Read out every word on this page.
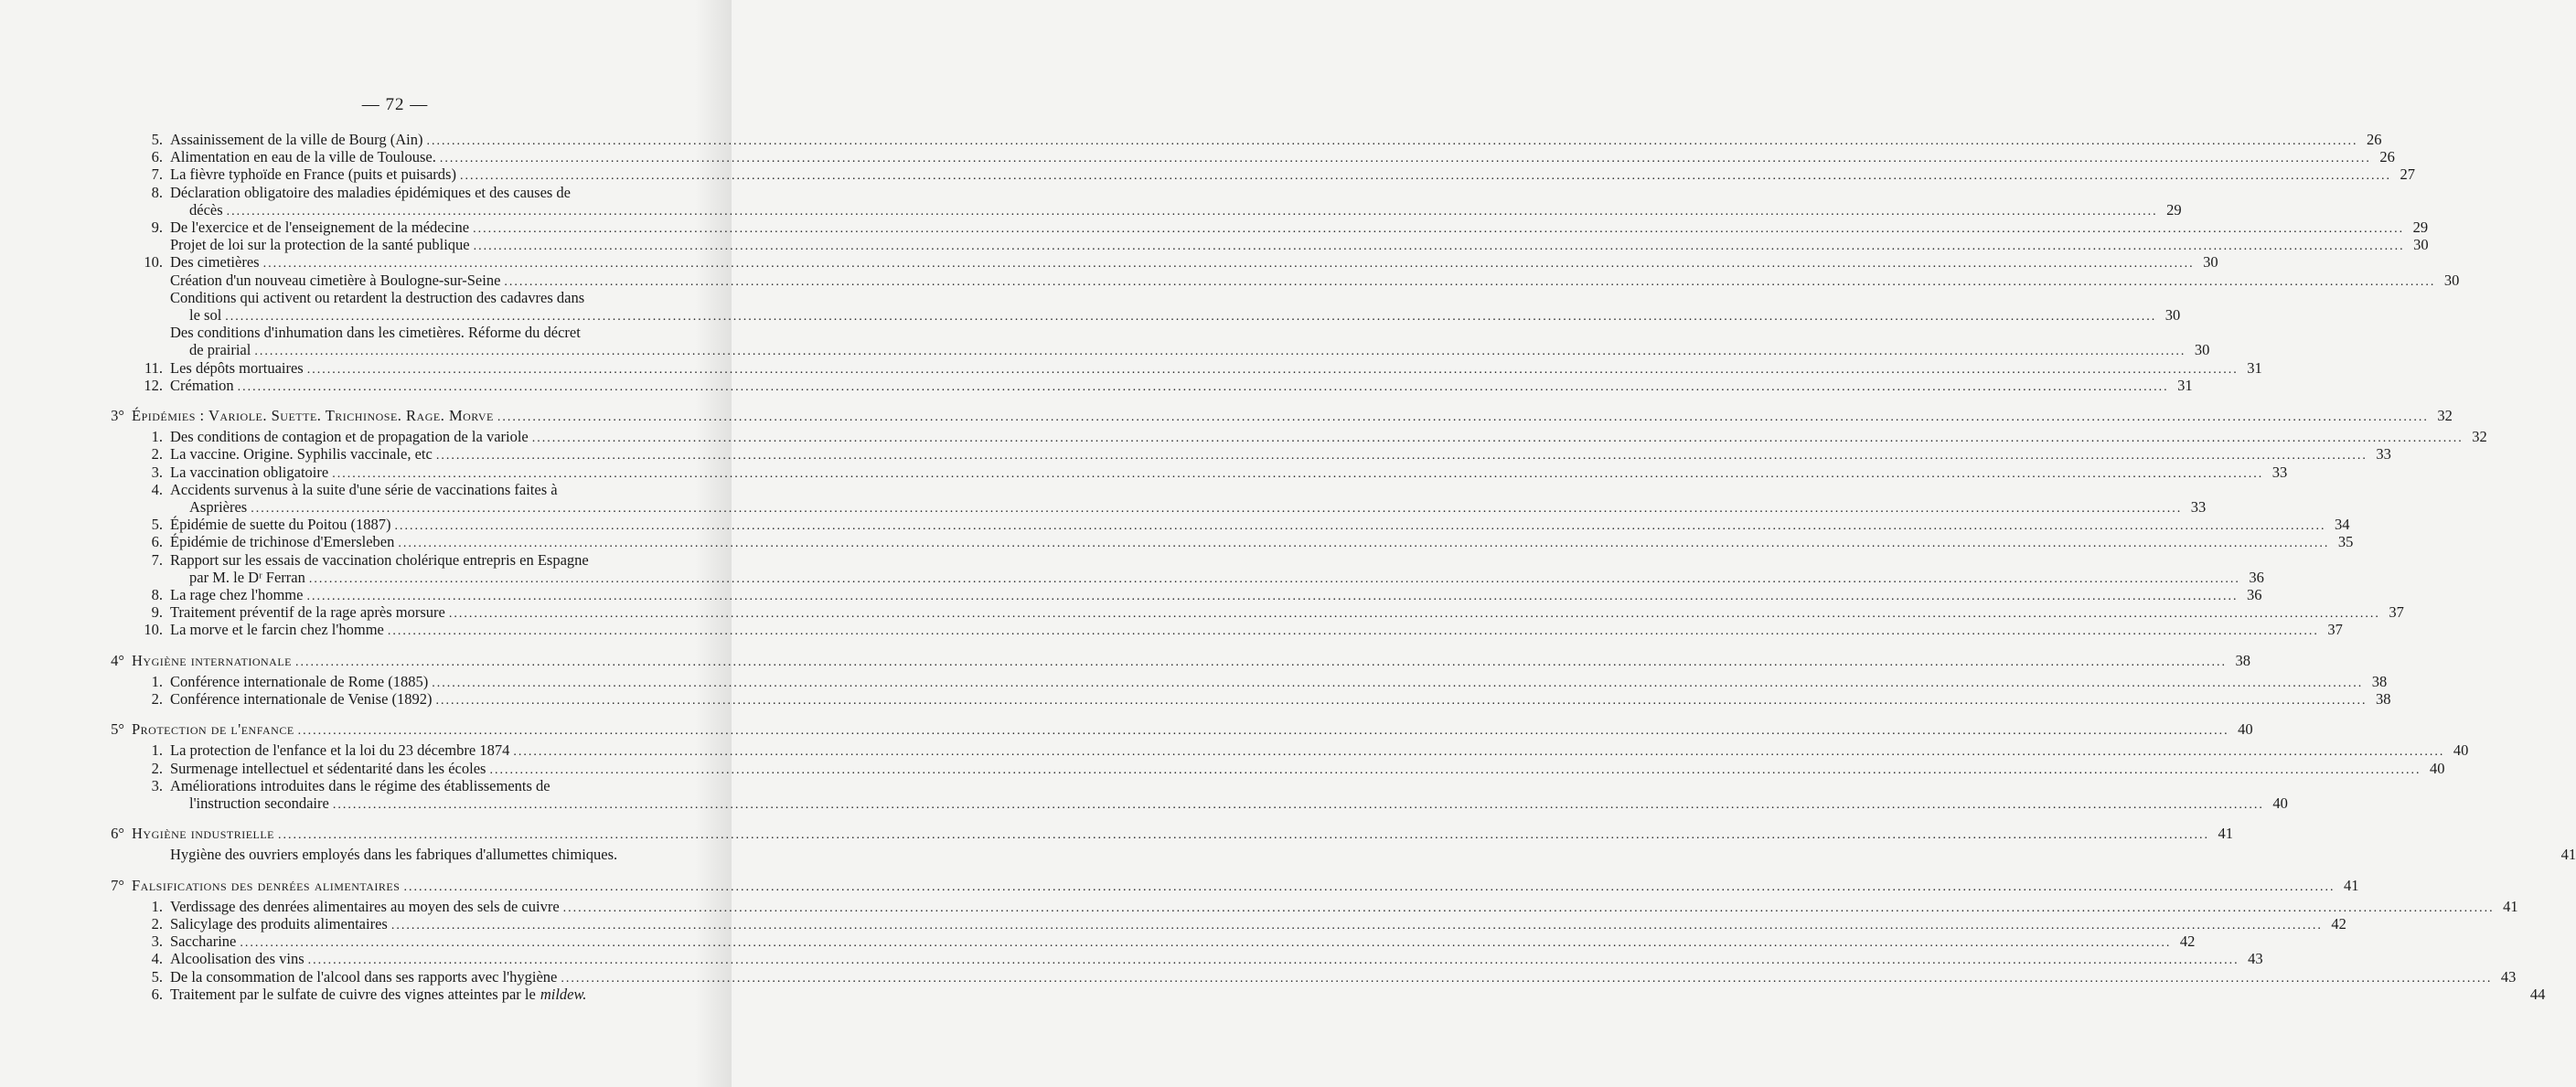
— 72 —
5. Assainissement de la ville de Bourg (Ain) .....	26
6. Alimentation en eau de la ville de Toulouse. .....	26
7. La fièvre typhoïde en France (puits et puisards) .....	27
8. Déclaration obligatoire des maladies épidémiques et des causes de
décès .....	29
9. De l'exercice et de l'enseignement de la médecine .....	29
Projet de loi sur la protection de la santé publique .....	30
10. Des cimetières .....	30
Création d'un nouveau cimetière à Boulogne-sur-Seine .....	30
Conditions qui activent ou retardent la destruction des cadavres dans
le sol .....	30
Des conditions d'inhumation dans les cimetières. Réforme du décret
de prairial .....	30
11. Les dépôts mortuaires .....	31
12. Crémation .....	31
3° Épidémies : Variole. Suette. Trichinose. Rage. Morve .....	32
1. Des conditions de contagion et de propagation de la variole .....	32
2. La vaccine. Origine. Syphilis vaccinale, etc .....	33
3. La vaccination obligatoire .....	33
4. Accidents survenus à la suite d'une série de vaccinations faites à
Asprières .....	33
5. Épidémie de suette du Poitou (1887) .....	34
6. Épidémie de trichinose d'Emersleben .....	35
7. Rapport sur les essais de vaccination cholérique entrepris en Espagne
par M. le Dʳ Ferran .....	36
8. La rage chez l'homme .....	36
9. Traitement préventif de la rage après morsure .....	37
10. La morve et le farcin chez l'homme .....	37
4° Hygiène internationale .....	38
1. Conférence internationale de Rome (1885) .....	38
2. Conférence internationale de Venise (1892) .....	38
5° Protection de l'enfance .....	40
1. La protection de l'enfance et la loi du 23 décembre 1874 .....	40
2. Surmenage intellectuel et sédentarité dans les écoles .....	40
3. Améliorations introduites dans le régime des établissements de
l'instruction secondaire .....	40
6° Hygiène industrielle .....	41
Hygiène des ouvriers employés dans les fabriques d'allumettes chimiques.	41
7° Falsifications des denrées alimentaires .....	41
1. Verdissage des denrées alimentaires au moyen des sels de cuivre .....	41
2. Salicylage des produits alimentaires .....	42
3. Saccharine .....	42
4. Alcoolisation des vins .....	43
5. De la consommation de l'alcool dans ses rapports avec l'hygiène .....	43
6. Traitement par le sulfate de cuivre des vignes atteintes par le mildew.	44
